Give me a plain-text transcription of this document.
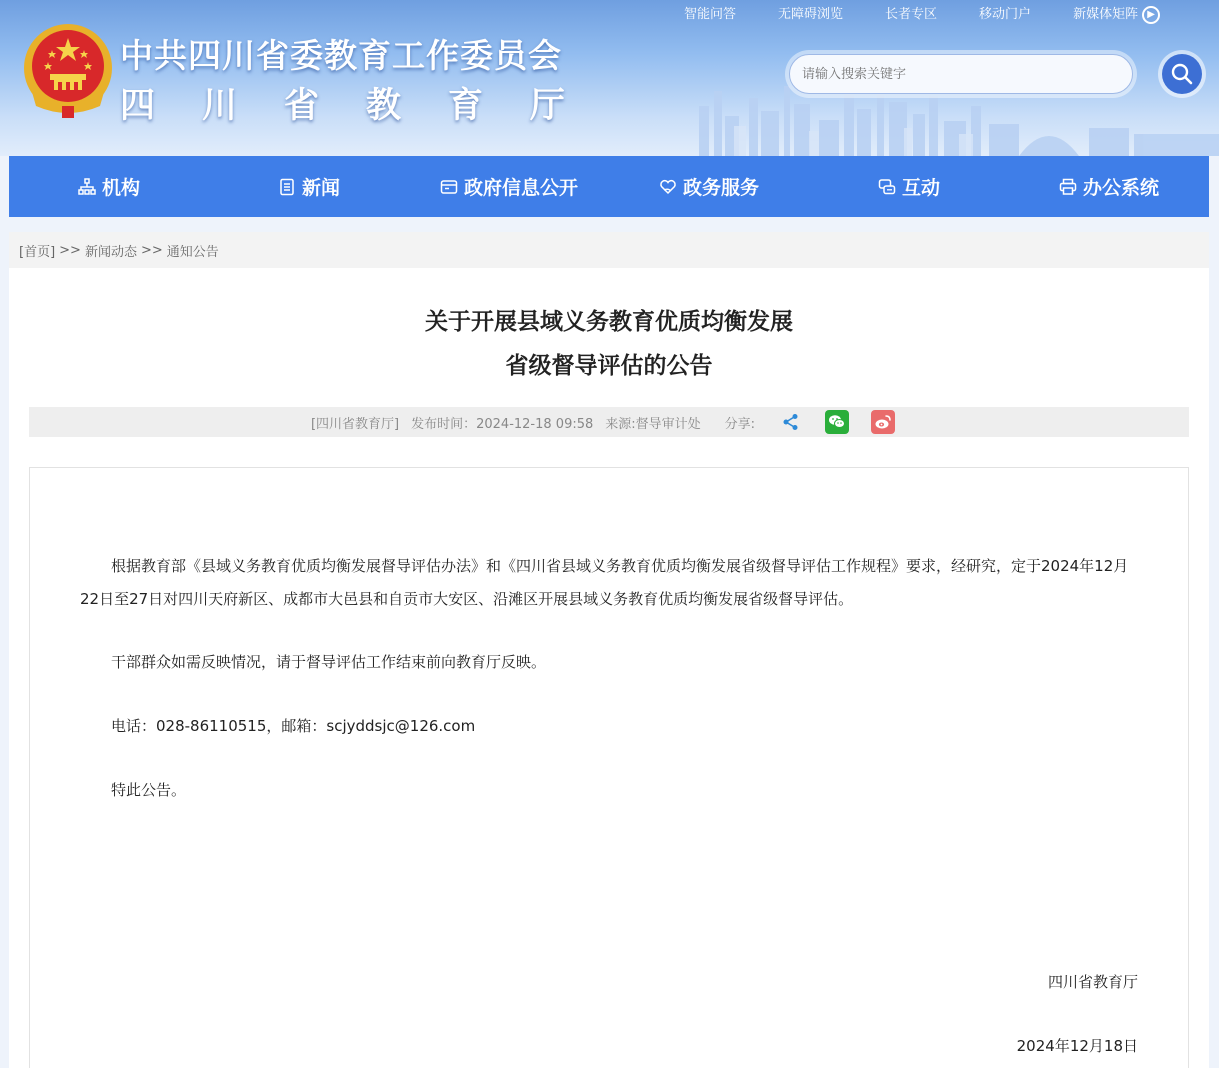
中共四川省委教育工作委员会
四 川 省 教 育 厅
智能问答	无障碍浏览	长者专区	移动门户	新媒体矩阵 ▶
请输入搜索关键字
机构	新闻	政府信息公开	政务服务	互动	办公系统
[首页] >> 新闻动态 >> 通知公告
关于开展县域义务教育优质均衡发展
省级督导评估的公告
[四川省教育厅] 发布时间：2024-12-18 09:58 来源:督导审计处 分享:
根据教育部《县域义务教育优质均衡发展督导评估办法》和《四川省县域义务教育优质均衡发展省级督导评估工作规程》要求，经研究，定于2024年12月22日至27日对四川天府新区、成都市大邑县和自贡市大安区、沿滩区开展县域义务教育优质均衡发展省级督导评估。
干部群众如需反映情况，请于督导评估工作结束前向教育厅反映。
电话：028-86110515，邮箱：scjyddsjc@126.com
特此公告。
四川省教育厅
2024年12月18日
